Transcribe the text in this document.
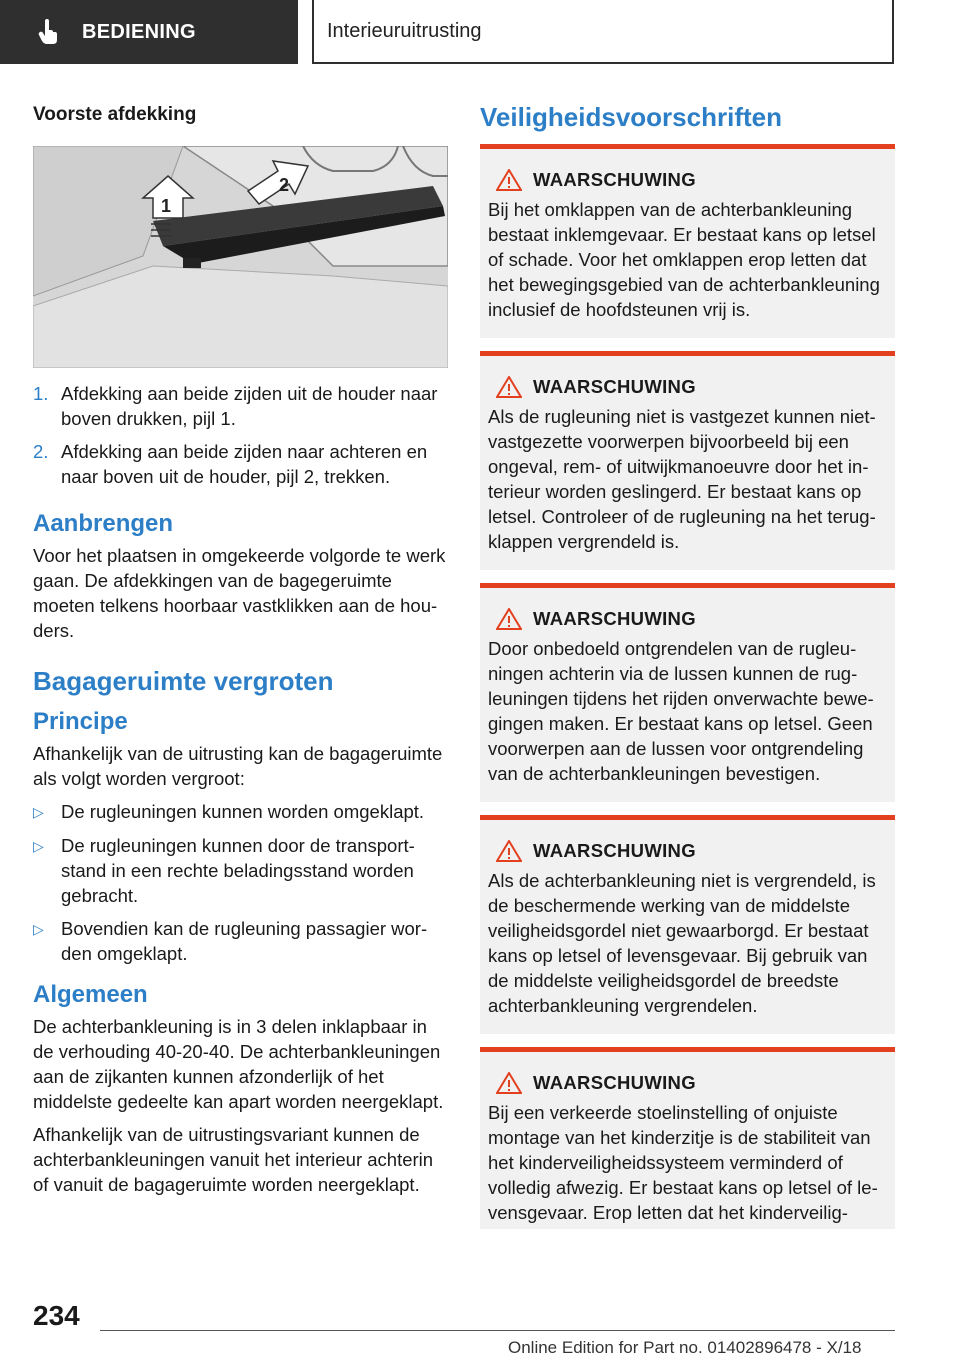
BEDIENING	Interieuruitrusting
Voorste afdekking
1
2
1. Afdekking aan beide zijden uit de houder naar boven drukken, pijl 1.
2. Afdekking aan beide zijden naar achteren en naar boven uit de houder, pijl 2, trekken.
Aanbrengen

Voor het plaatsen in omgekeerde volgorde te werk gaan. De afdekkingen van de bagegeruimte moeten telkens hoorbaar vastklikken aan de houders.

Bagageruimte vergroten
Principe

Afhankelijk van de uitrusting kan de bagageruimte als volgt worden vergroot:

▷ De rugleuningen kunnen worden omgeklapt.
▷ De rugleuningen kunnen door de transportstand in een rechte beladingsstand worden gebracht.
▷ Bovendien kan de rugleuning passagier worden omgeklapt.
Algemeen

De achterbankleuning is in 3 delen inklapbaar in de verhouding 40-20-40. De achterbankleuningen aan de zijkanten kunnen afzonderlijk of het middelste gedeelte kan apart worden neergeklapt.

Afhankelijk van de uitrustingsvariant kunnen de achterbankleuningen vanuit het interieur achterin of vanuit de bagageruimte worden neergeklapt.

Veiligheidsvoorschriften
WAARSCHUWING
Bij het omklappen van de achterbankleuning bestaat inklemgevaar. Er bestaat kans op letsel of schade. Voor het omklappen erop letten dat het bewegingsgebied van de achterbankleuning inclusief de hoofdsteunen vrij is.
WAARSCHUWING
Als de rugleuning niet is vastgezet kunnen niet-vastgezette voorwerpen bijvoorbeeld bij een ongeval, rem- of uitwijkmanoeuvre door het interieur worden geslingerd. Er bestaat kans op letsel. Controleer of de rugleuning na het terugklappen vergrendeld is.
WAARSCHUWING
Door onbedoeld ontgrendelen van de rugleuningen achterin via de lussen kunnen de rugleuningen tijdens het rijden onverwachte bewegingen maken. Er bestaat kans op letsel. Geen voorwerpen aan de lussen voor ontgrendeling van de achterbankleuningen bevestigen.
WAARSCHUWING
Als de achterbankleuning niet is vergrendeld, is de beschermende werking van de middelste veiligheidsgordel niet gewaarborgd. Er bestaat kans op letsel of levensgevaar. Bij gebruik van de middelste veiligheidsgordel de breedste achterbankleuning vergrendelen.
WAARSCHUWING
Bij een verkeerde stoelinstelling of onjuiste montage van het kinderzitje is de stabiliteit van het kinderveiligheidssysteem verminderd of volledig afwezig. Er bestaat kans op letsel of levensgevaar. Erop letten dat het kinderveilig-
234
Online Edition for Part no. 01402896478 - X/18
